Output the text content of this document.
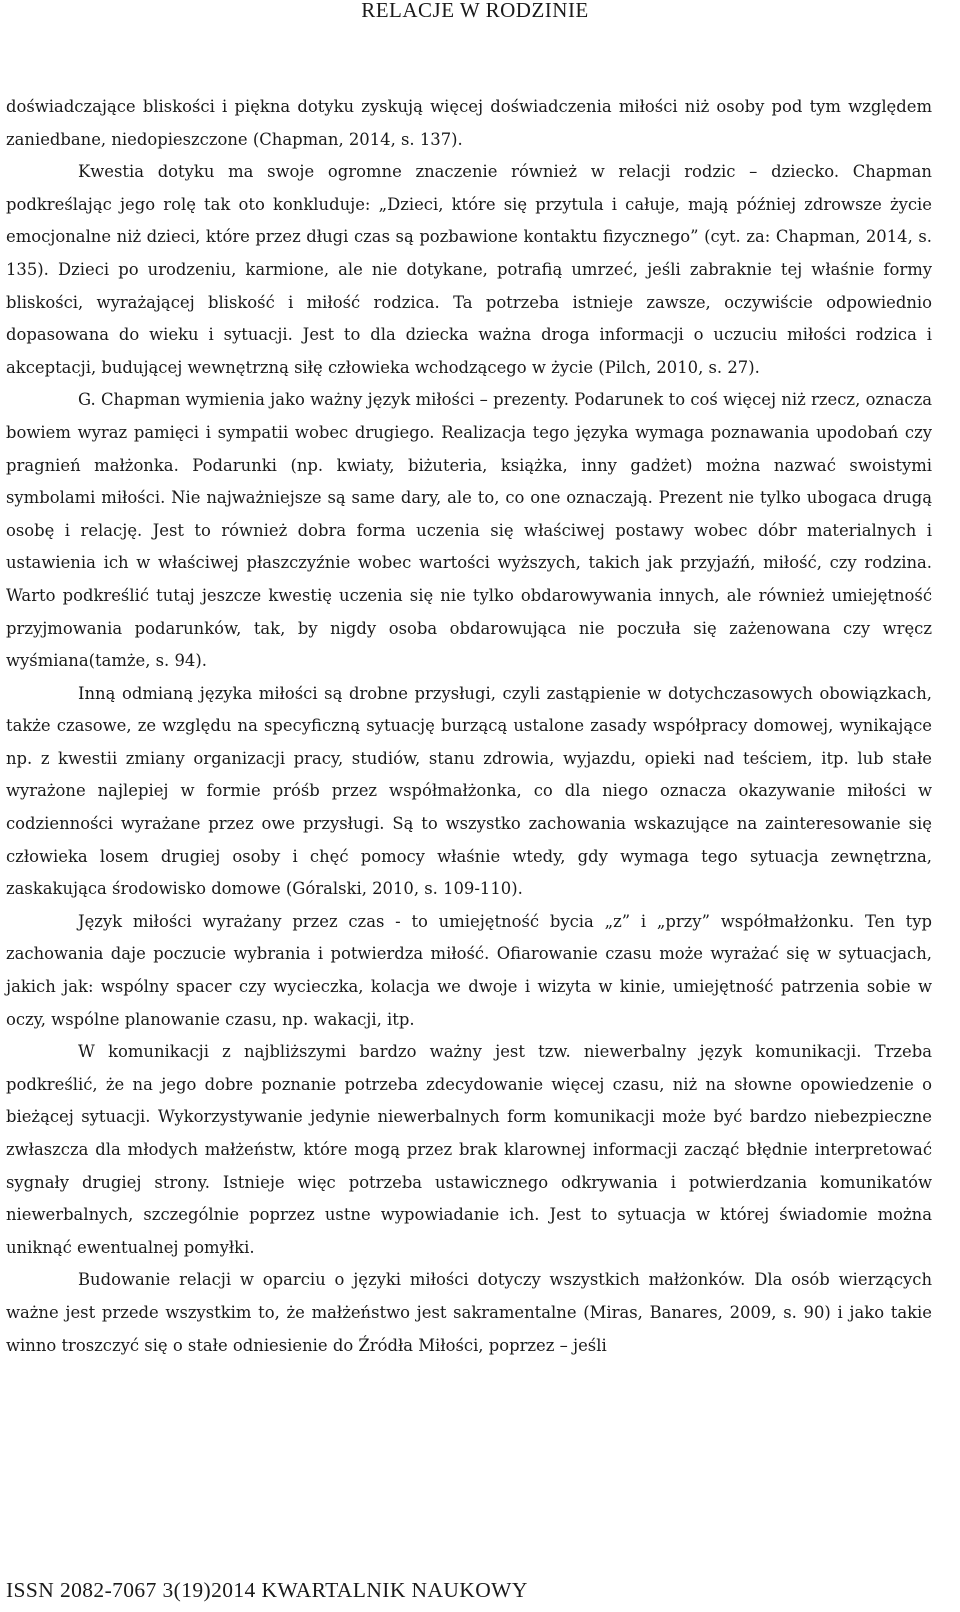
RELACJE W RODZINIE

doświadczające bliskości i piękna dotyku zyskują więcej doświadczenia miłości niż osoby pod tym względem zaniedbane, niedopieszczone (Chapman, 2014, s. 137).

Kwestia dotyku ma swoje ogromne znaczenie również w relacji rodzic – dziecko. Chapman podkreślając jego rolę tak oto konkluduje: „Dzieci, które się przytula i całuje, mają później zdrowsze życie emocjonalne niż dzieci, które przez długi czas są pozbawione kontaktu fizycznego” (cyt. za: Chapman, 2014, s. 135). Dzieci po urodzeniu, karmione, ale nie dotykane, potrafią umrzeć, jeśli zabraknie tej właśnie formy bliskości, wyrażającej bliskość i miłość rodzica. Ta potrzeba istnieje zawsze, oczywiście odpowiednio dopasowana do wieku i sytuacji. Jest to dla dziecka ważna droga informacji o uczuciu miłości rodzica i akceptacji, budującej wewnętrzną siłę człowieka wchodzącego w życie (Pilch, 2010, s. 27).

G. Chapman wymienia jako ważny język miłości – prezenty. Podarunek to coś więcej niż rzecz, oznacza bowiem wyraz pamięci i sympatii wobec drugiego. Realizacja tego języka wymaga poznawania upodobań czy pragnień małżonka. Podarunki (np. kwiaty, biżuteria, książka, inny gadżet) można nazwać swoistymi symbolami miłości. Nie najważniejsze są same dary, ale to, co one oznaczają. Prezent nie tylko ubogaca drugą osobę i relację. Jest to również dobra forma uczenia się właściwej postawy wobec dóbr materialnych i ustawienia ich w właściwej płaszczyźnie wobec wartości wyższych, takich jak przyjaźń, miłość, czy rodzina. Warto podkreślić tutaj jeszcze kwestię uczenia się nie tylko obdarowywania innych, ale również umiejętność przyjmowania podarunków, tak, by nigdy osoba obdarowująca nie poczuła się zażenowana czy wręcz wyśmiana(tamże, s. 94).

Inną odmianą języka miłości są drobne przysługi, czyli zastąpienie w dotychczasowych obowiązkach, także czasowe, ze względu na specyficzną sytuację burzącą ustalone zasady współpracy domowej, wynikające np. z kwestii zmiany organizacji pracy, studiów, stanu zdrowia, wyjazdu, opieki nad teściem, itp. lub stałe wyrażone najlepiej w formie próśb przez współmałżonka, co dla niego oznacza okazywanie miłości w codzienności wyrażane przez owe przysługi. Są to wszystko zachowania wskazujące na zainteresowanie się człowieka losem drugiej osoby i chęć pomocy właśnie wtedy, gdy wymaga tego sytuacja zewnętrzna, zaskakująca środowisko domowe (Góralski, 2010, s. 109-110).

Język miłości wyrażany przez czas - to umiejętność bycia „z” i „przy” współmałżonku. Ten typ zachowania daje poczucie wybrania i potwierdza miłość. Ofiarowanie czasu może wyrażać się w sytuacjach, jakich jak: wspólny spacer czy wycieczka, kolacja we dwoje i wizyta w kinie, umiejętność patrzenia sobie w oczy, wspólne planowanie czasu, np. wakacji, itp.

W komunikacji z najbliższymi bardzo ważny jest tzw. niewerbalny język komunikacji. Trzeba podkreślić, że na jego dobre poznanie potrzeba zdecydowanie więcej czasu, niż na słowne opowiedzenie o bieżącej sytuacji. Wykorzystywanie jedynie niewerbalnych form komunikacji może być bardzo niebezpieczne zwłaszcza dla młodych małżeństw, które mogą przez brak klarownej informacji zacząć błędnie interpretować sygnały drugiej strony. Istnieje więc potrzeba ustawicznego odkrywania i potwierdzania komunikatów niewerbalnych, szczególnie poprzez ustne wypowiadanie ich. Jest to sytuacja w której świadomie można uniknąć ewentualnej pomyłki.

Budowanie relacji w oparciu o języki miłości dotyczy wszystkich małżonków. Dla osób wierzących ważne jest przede wszystkim to, że małżeństwo jest sakramentalne (Miras, Banares, 2009, s. 90) i jako takie winno troszczyć się o stałe odniesienie do Źródła Miłości, poprzez – jeśli

ISSN 2082-7067 3(19)2014 KWARTALNIK NAUKOWY
